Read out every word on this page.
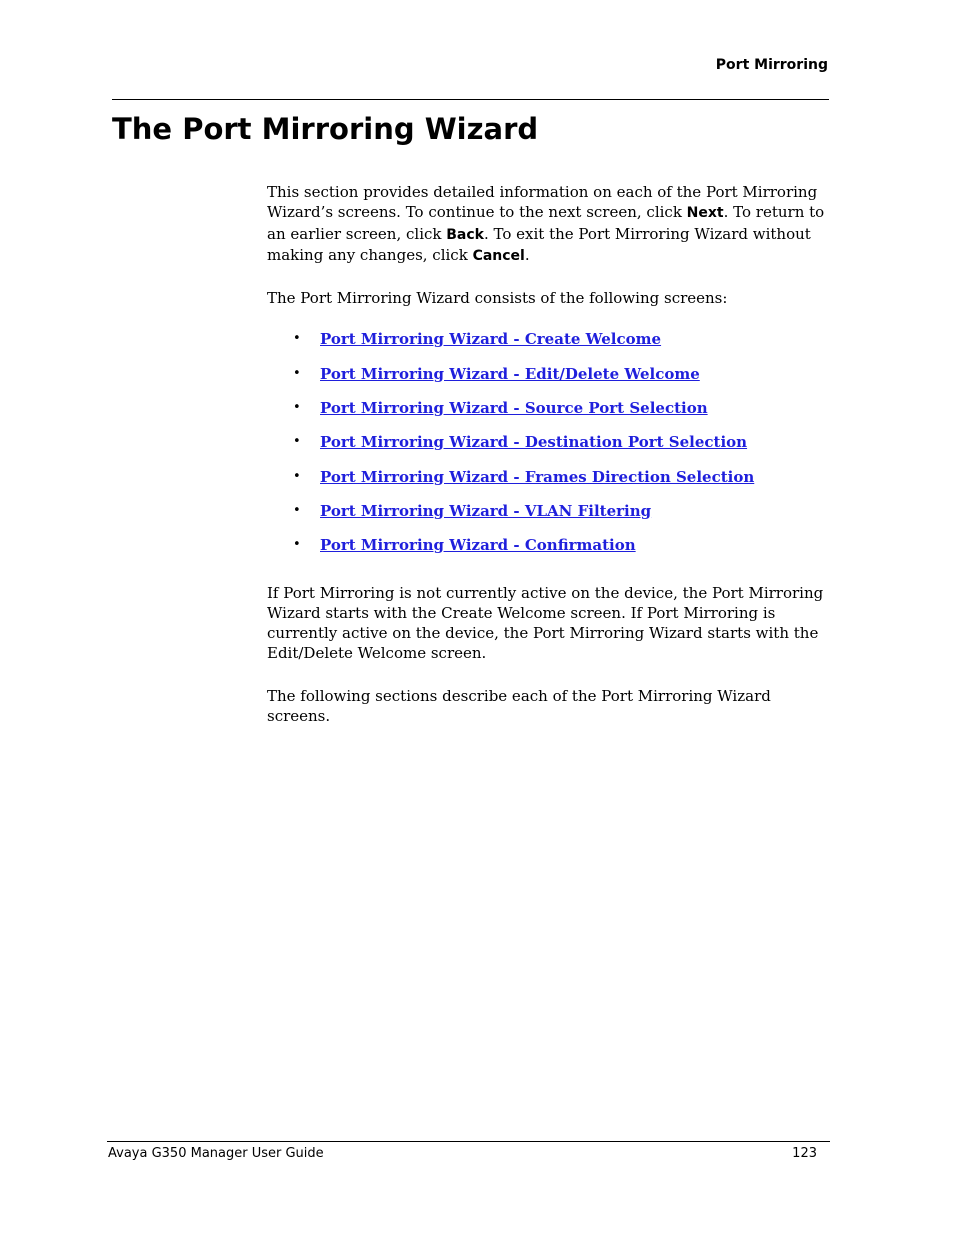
Port Mirroring
The Port Mirroring Wizard

This section provides detailed information on each of the Port Mirroring Wizard’s screens. To continue to the next screen, click Next. To return to an earlier screen, click Back. To exit the Port Mirroring Wizard without making any changes, click Cancel.

The Port Mirroring Wizard consists of the following screens:

• Port Mirroring Wizard - Create Welcome
• Port Mirroring Wizard - Edit/Delete Welcome
• Port Mirroring Wizard - Source Port Selection
• Port Mirroring Wizard - Destination Port Selection
• Port Mirroring Wizard - Frames Direction Selection
• Port Mirroring Wizard - VLAN Filtering
• Port Mirroring Wizard - Confirmation

If Port Mirroring is not currently active on the device, the Port Mirroring Wizard starts with the Create Welcome screen. If Port Mirroring is currently active on the device, the Port Mirroring Wizard starts with the Edit/Delete Welcome screen.

The following sections describe each of the Port Mirroring Wizard screens.

Avaya G350 Manager User Guide	123
